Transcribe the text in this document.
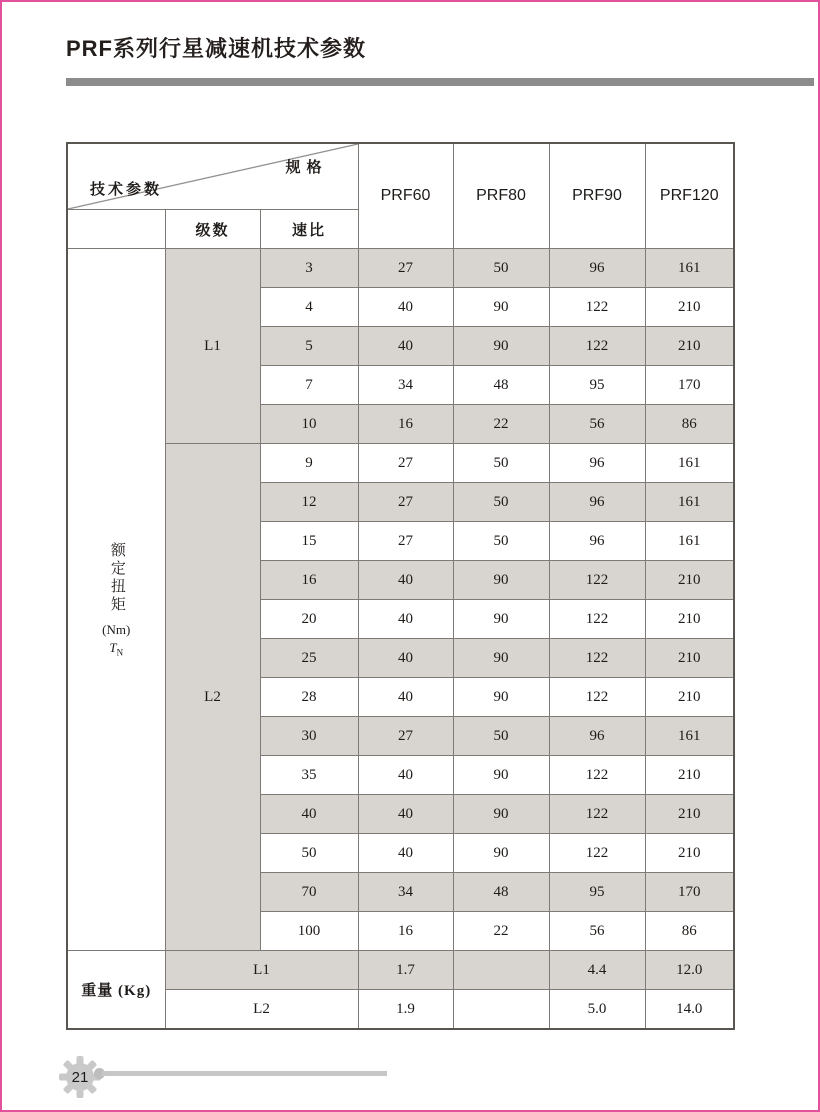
PRF系列行星减速机技术参数
规格
技术参数			PRF60	PRF80	PRF90	PRF120
	级数	速比				

额定扭矩
(Nm)
$T_N$	L1	3	27	50	96	161
		4	40	90	122	210
		5	40	90	122	210
		7	34	48	95	170
		10	16	22	56	86
	L2	9	27	50	96	161
		12	27	50	96	161
		15	27	50	96	161
		16	40	90	122	210
		20	40	90	122	210
		25	40	90	122	210
		28	40	90	122	210
		30	27	50	96	161
		35	40	90	122	210
		40	40	90	122	210
		50	40	90	122	210
		70	34	48	95	170
		100	16	22	56	86
重量 (Kg)	L1		1.7		4.4	12.0
	L2		1.9		5.0	14.0
21
